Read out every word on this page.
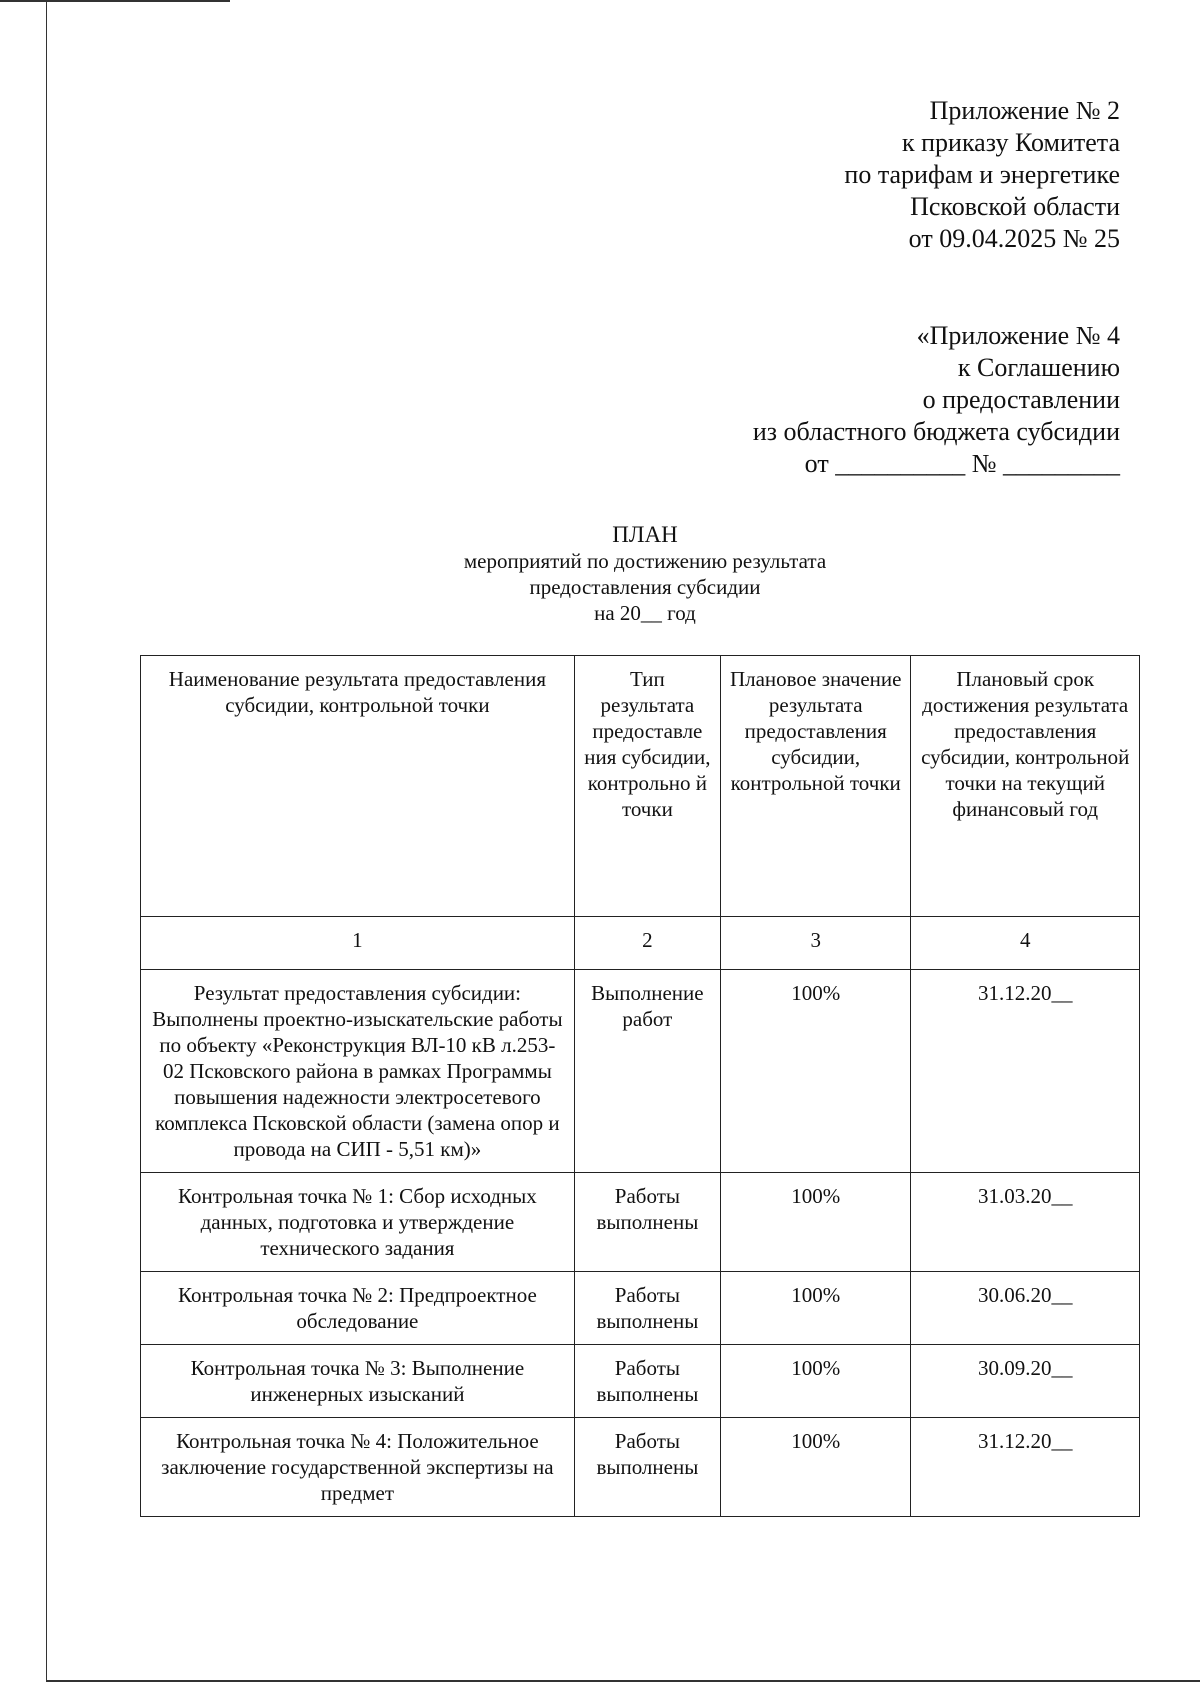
Приложение № 2
к приказу Комитета
по тарифам и энергетике
Псковской области
от 09.04.2025 № 25
«Приложение № 4
к Соглашению
о предоставлении
из областного бюджета субсидии
от __________ № _________
ПЛАН
мероприятий по достижению результата
предоставления субсидии
на 20__ год
Наименование результата предоставления субсидии, контрольной точки	Тип результата предоставле ния субсидии, контрольно й точки	Плановое значение результата предоставления субсидии, контрольной точки	Плановый срок достижения результата предоставления субсидии, контрольной точки на текущий финансовый год
1	2	3	4
Результат предоставления субсидии: Выполнены проектно-изыскательские работы по объекту «Реконструкция ВЛ-10 кВ л.253-02 Псковского района в рамках Программы повышения надежности электросетевого комплекса Псковской области (замена опор и провода на СИП - 5,51 км)»	Выполнение работ	100%	31.12.20__
Контрольная точка № 1: Сбор исходных данных, подготовка и утверждение технического задания	Работы выполнены	100%	31.03.20__
Контрольная точка № 2: Предпроектное обследование	Работы выполнены	100%	30.06.20__
Контрольная точка № 3: Выполнение инженерных изысканий	Работы выполнены	100%	30.09.20__
Контрольная точка № 4: Положительное заключение государственной экспертизы на предмет	Работы выполнены	100%	31.12.20__
